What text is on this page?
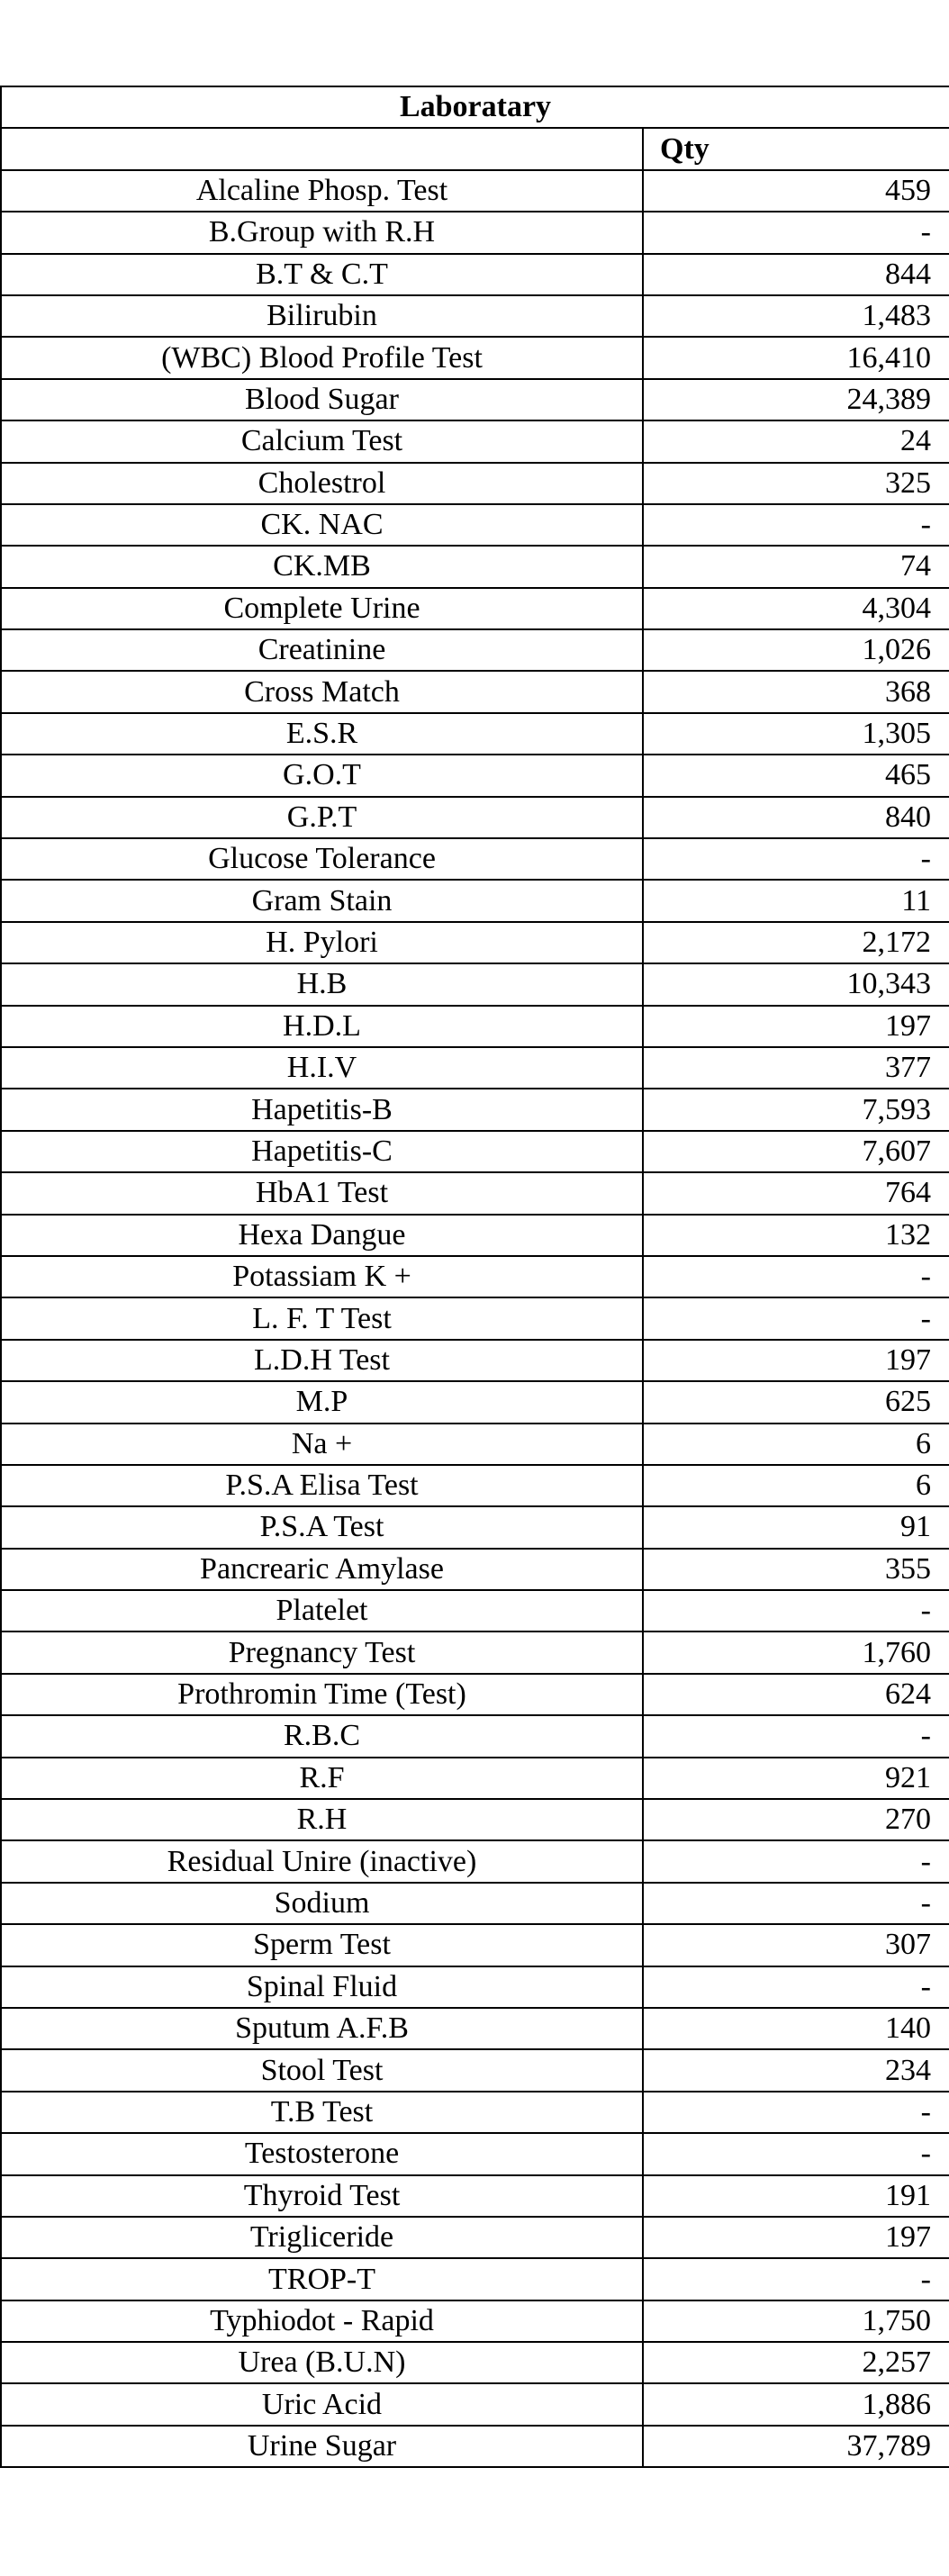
Laboratary	
	Qty
Alcaline Phosp. Test	459
B.Group with R.H	-
B.T & C.T	844
Bilirubin	1,483
(WBC) Blood Profile Test	16,410
Blood Sugar	24,389
Calcium Test	24
Cholestrol	325
CK. NAC	-
CK.MB	74
Complete Urine	4,304
Creatinine	1,026
Cross Match	368
E.S.R	1,305
G.O.T	465
G.P.T	840
Glucose Tolerance	-
Gram Stain	11
H. Pylori	2,172
H.B	10,343
H.D.L	197
H.I.V	377
Hapetitis-B	7,593
Hapetitis-C	7,607
HbA1 Test	764
Hexa Dangue	132
Potassiam K +	-
L. F. T Test	-
L.D.H Test	197
M.P	625
Na +	6
P.S.A Elisa Test	6
P.S.A Test	91
Pancrearic Amylase	355
Platelet	-
Pregnancy Test	1,760
Prothromin Time (Test)	624
R.B.C	-
R.F	921
R.H	270
Residual Unire (inactive)	-
Sodium	-
Sperm Test	307
Spinal Fluid	-
Sputum A.F.B	140
Stool Test	234
T.B Test	-
Testosterone	-
Thyroid Test	191
Trigliceride	197
TROP-T	-
Typhiodot - Rapid	1,750
Urea (B.U.N)	2,257
Uric Acid	1,886
Urine Sugar	37,789
